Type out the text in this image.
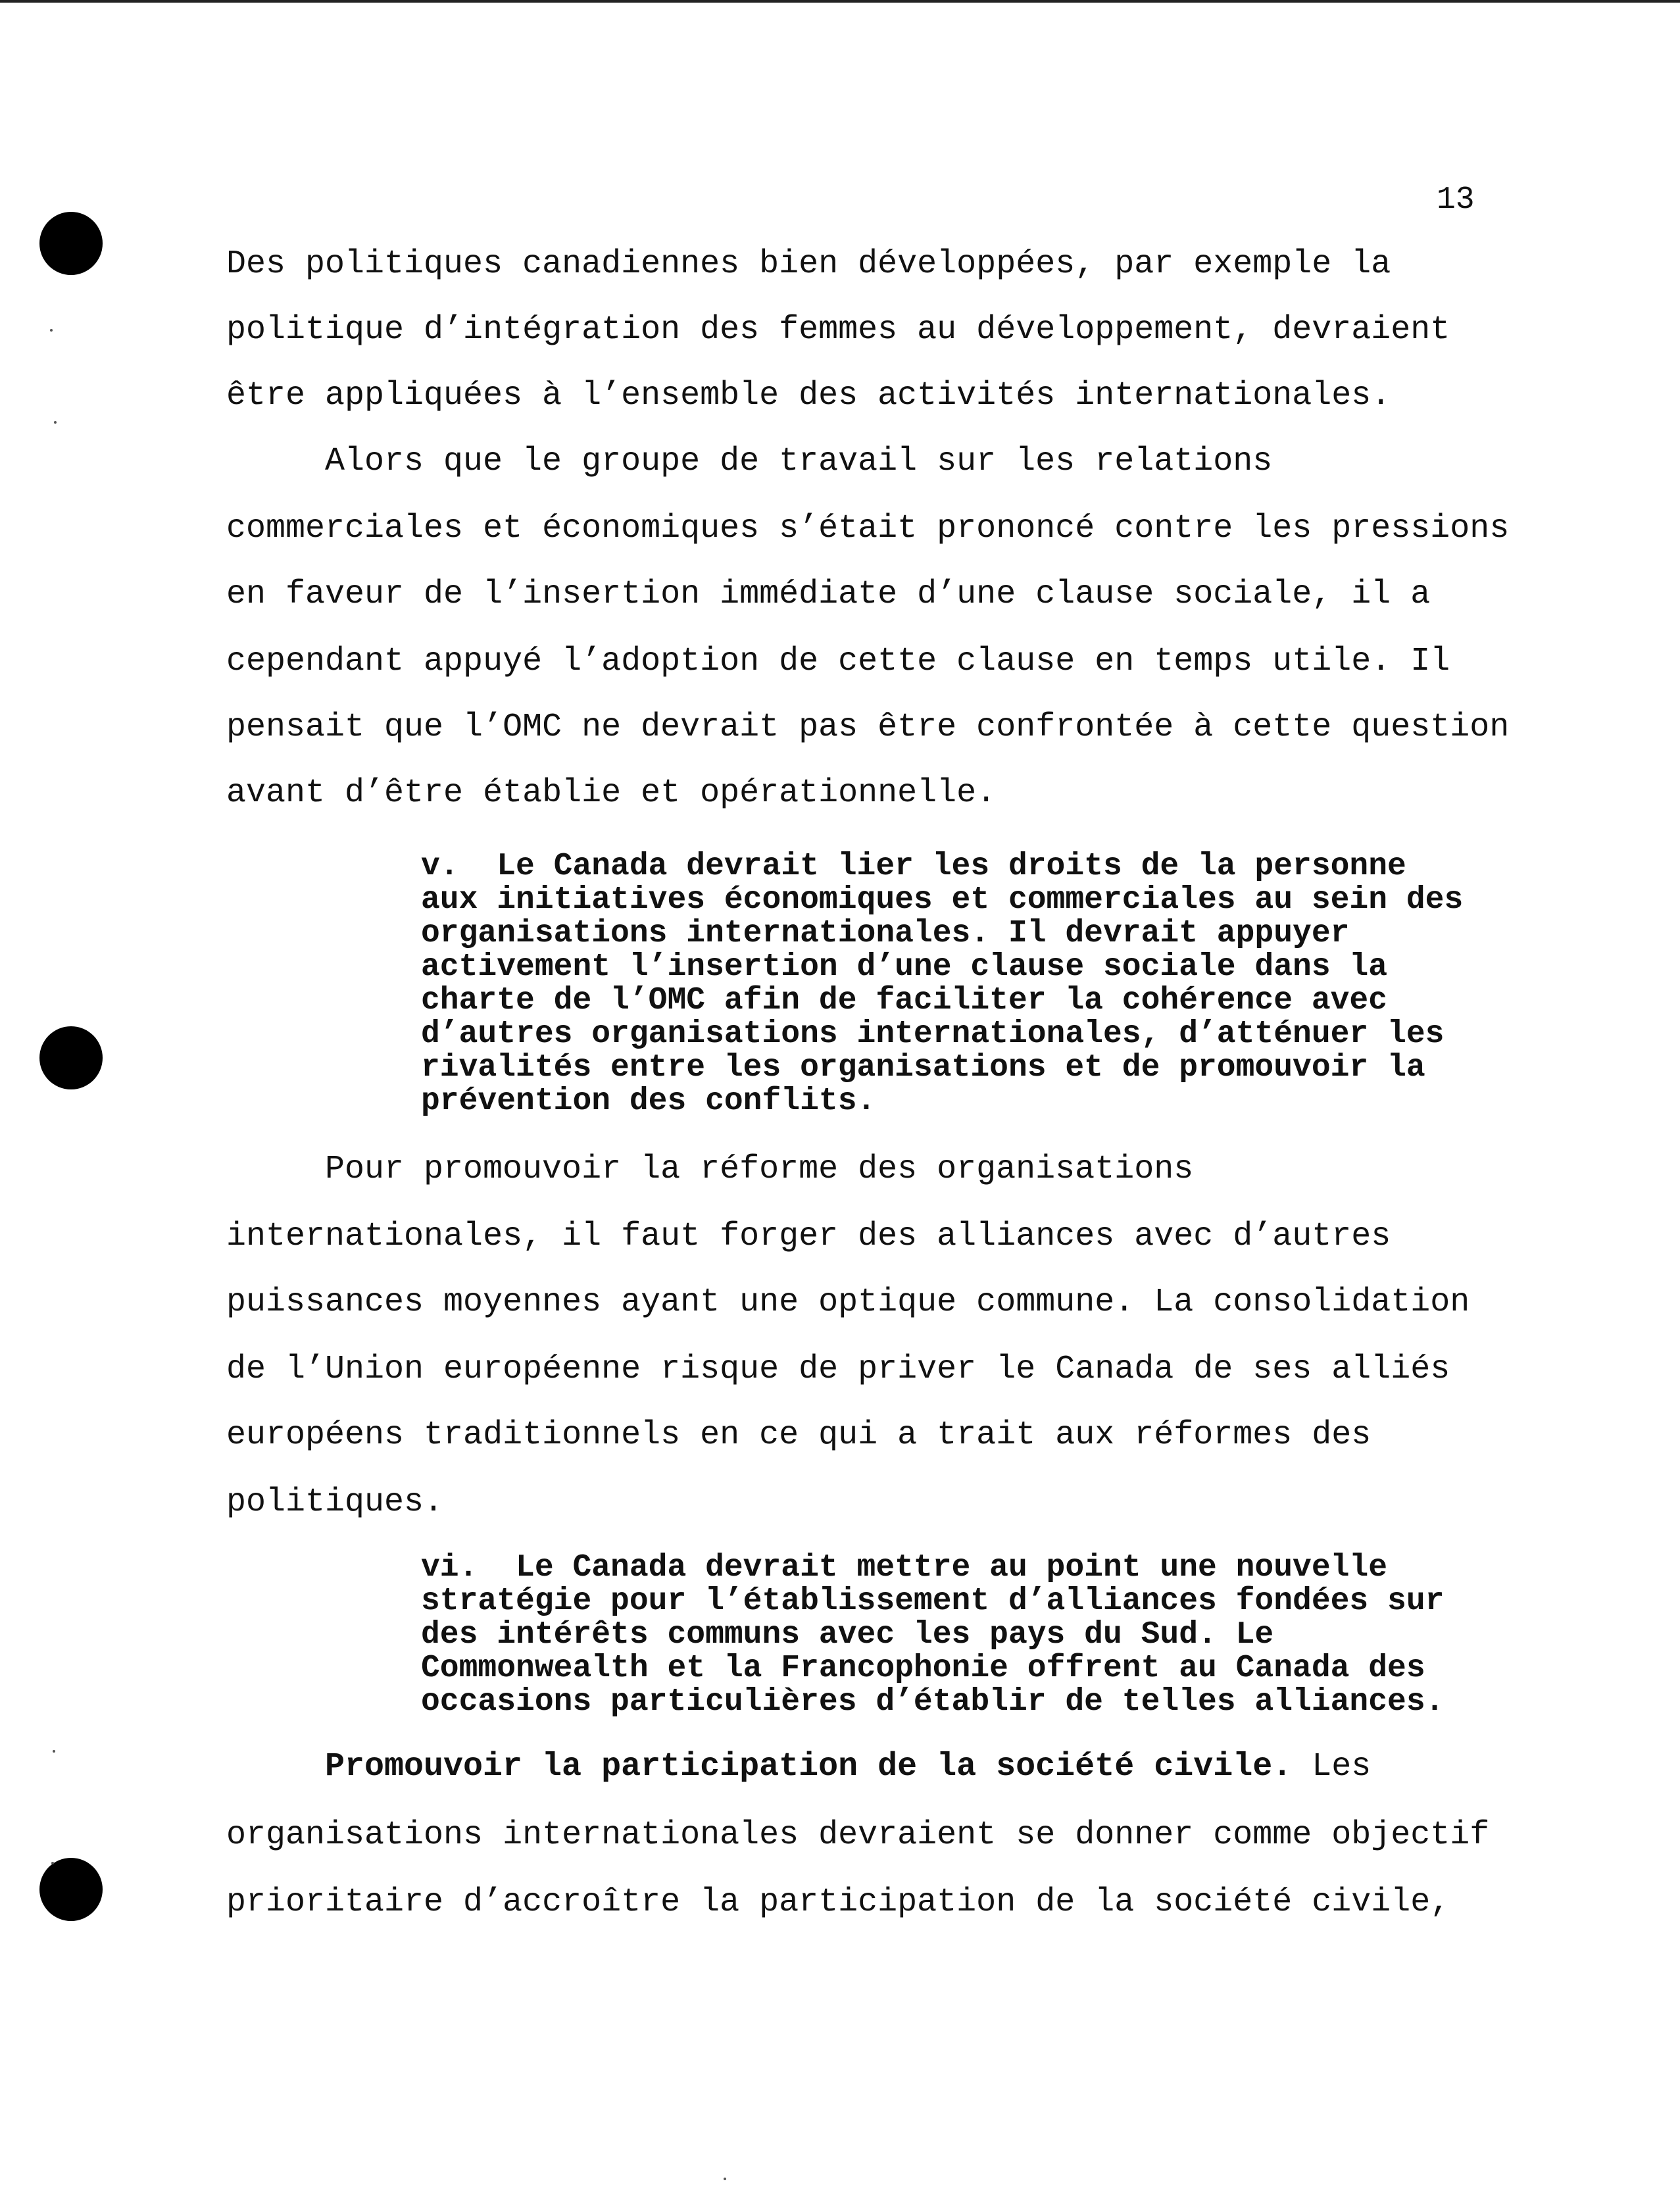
13
Des politiques canadiennes bien développées, par exemple la
politique d’intégration des femmes au développement, devraient
être appliquées à l’ensemble des activités internationales.
Alors que le groupe de travail sur les relations
commerciales et économiques s’était prononcé contre les pressions
en faveur de l’insertion immédiate d’une clause sociale, il a
cependant appuyé l’adoption de cette clause en temps utile. Il
pensait que l’OMC ne devrait pas être confrontée à cette question
avant d’être établie et opérationnelle.
v.  Le Canada devrait lier les droits de la personne
aux initiatives économiques et commerciales au sein des
organisations internationales. Il devrait appuyer
activement l’insertion d’une clause sociale dans la
charte de l’OMC afin de faciliter la cohérence avec
d’autres organisations internationales, d’atténuer les
rivalités entre les organisations et de promouvoir la
prévention des conflits.
Pour promouvoir la réforme des organisations
internationales, il faut forger des alliances avec d’autres
puissances moyennes ayant une optique commune. La consolidation
de l’Union européenne risque de priver le Canada de ses alliés
européens traditionnels en ce qui a trait aux réformes des
politiques.
vi.  Le Canada devrait mettre au point une nouvelle
stratégie pour l’établissement d’alliances fondées sur
des intérêts communs avec les pays du Sud. Le
Commonwealth et la Francophonie offrent au Canada des
occasions particulières d’établir de telles alliances.
Promouvoir la participation de la société civile. Les
organisations internationales devraient se donner comme objectif
prioritaire d’accroître la participation de la société civile,
